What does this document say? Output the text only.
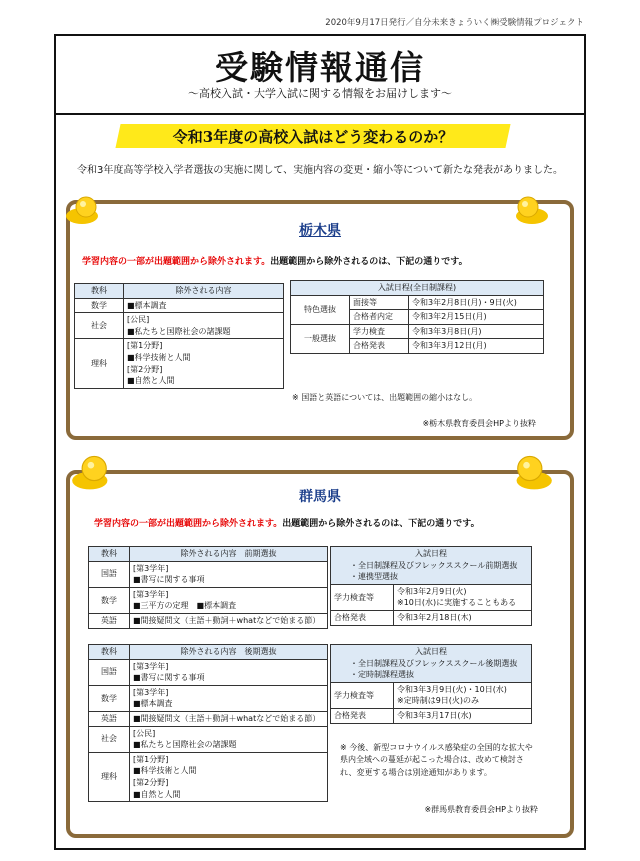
2020年9月17日発行／自分未来きょういく㈱受験情報プロジェクト
受験情報通信
～高校入試・大学入試に関する情報をお届けします～
令和3年度の高校入試はどう変わるのか？
令和3年度高等学校入学者選抜の実施に関して、実施内容の変更・縮小等について新たな発表がありました。
栃木県
学習内容の一部が出題範囲から除外されます。出題範囲から除外されるのは、下記の通りです。
教科	除外される内容
数学	■標本調査

社会	[公民]
■私たちと国際社会の諸課題

理科	[第1分野]
■科学技術と人間
[第2分野]
■自然と人間
入試日程(全日制課程)		
特色選抜	面接等	令和3年2月8日(月)・9日(火)
	合格者内定	令和3年2月15日(月)
一般選抜	学力検査	令和3年3月8日(月)
	合格発表	令和3年3月12日(月)
※ 国語と英語については、出題範囲の縮小はなし。
※栃木県教育委員会HPより抜粋
群馬県
学習内容の一部が出題範囲から除外されます。出題範囲から除外されるのは、下記の通りです。
教科	除外される内容　前期選抜
国語	[第3学年]
■書写に関する事項

数学	[第3学年]
■三平方の定理　■標本調査

英語	■間接疑問文（主語＋動詞＋whatなどで始まる節）
入試日程
・全日制課程及びフレックススクール前期選抜
・連携型選抜	

学力検査等	令和3年2月9日(火)
※10日(水)に実施することもある

合格発表	令和3年2月18日(木)
教科	除外される内容　後期選抜
国語	[第3学年]
■書写に関する事項

数学	[第3学年]
■標本調査

英語	■間接疑問文（主語＋動詞＋whatなどで始まる節）

社会	[公民]
■私たちと国際社会の諸課題

理科	[第1分野]
■科学技術と人間
[第2分野]
■自然と人間
入試日程
・全日制課程及びフレックススクール後期選抜
・定時制課程選抜	

学力検査等	令和3年3月9日(火)・10日(水)
※定時制は9日(火)のみ

合格発表	令和3年3月17日(水)
※ 今後、新型コロナウイルス感染症の全国的な拡大や県内全域への蔓延が起こった場合は、改めて検討され、変更する場合は別途通知があります。
※群馬県教育委員会HPより抜粋
